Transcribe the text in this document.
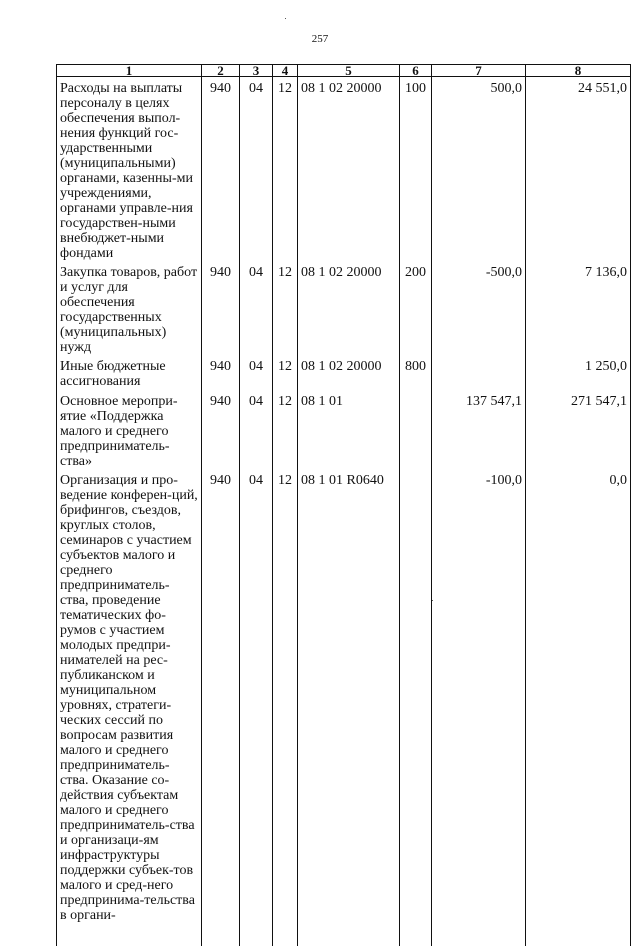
257
1	2	3	4	5	6	7	8
Расходы на выплаты персоналу в целях обеспечения выпол-нения функций гос-ударственными (муниципальными) органами, казенны-ми учреждениями, органами управле-ния государствен-ными внебюджет-ными фондами	940	04	12	08 1 02 20000	100	500,0	24 551,0
Закупка товаров, работ и услуг для обеспечения государственных (муниципальных) нужд	940	04	12	08 1 02 20000	200	-500,0	7 136,0
Иные бюджетные ассигнования	940	04	12	08 1 02 20000	800		1 250,0
Основное меропри-ятие «Поддержка малого и среднего предприниматель-ства»	940	04	12	08 1 01		137 547,1	271 547,1
Организация и про-ведение конферен-ций, брифингов, съездов, круглых столов, семинаров с участием субъектов малого и среднего предприниматель-ства, проведение тематических фо-румов с участием молодых предпри-нимателей на рес-публиканском и муниципальном уровнях, стратеги-ческих сессий по вопросам развития малого и среднего предприниматель-ства. Оказание со-действия субъектам малого и среднего предприниматель-ства и организаци-ям инфраструктуры поддержки субъек-тов малого и сред-него предпринима-тельства в органи-	940	04	12	08 1 01 R0640		-100,0	0,0
